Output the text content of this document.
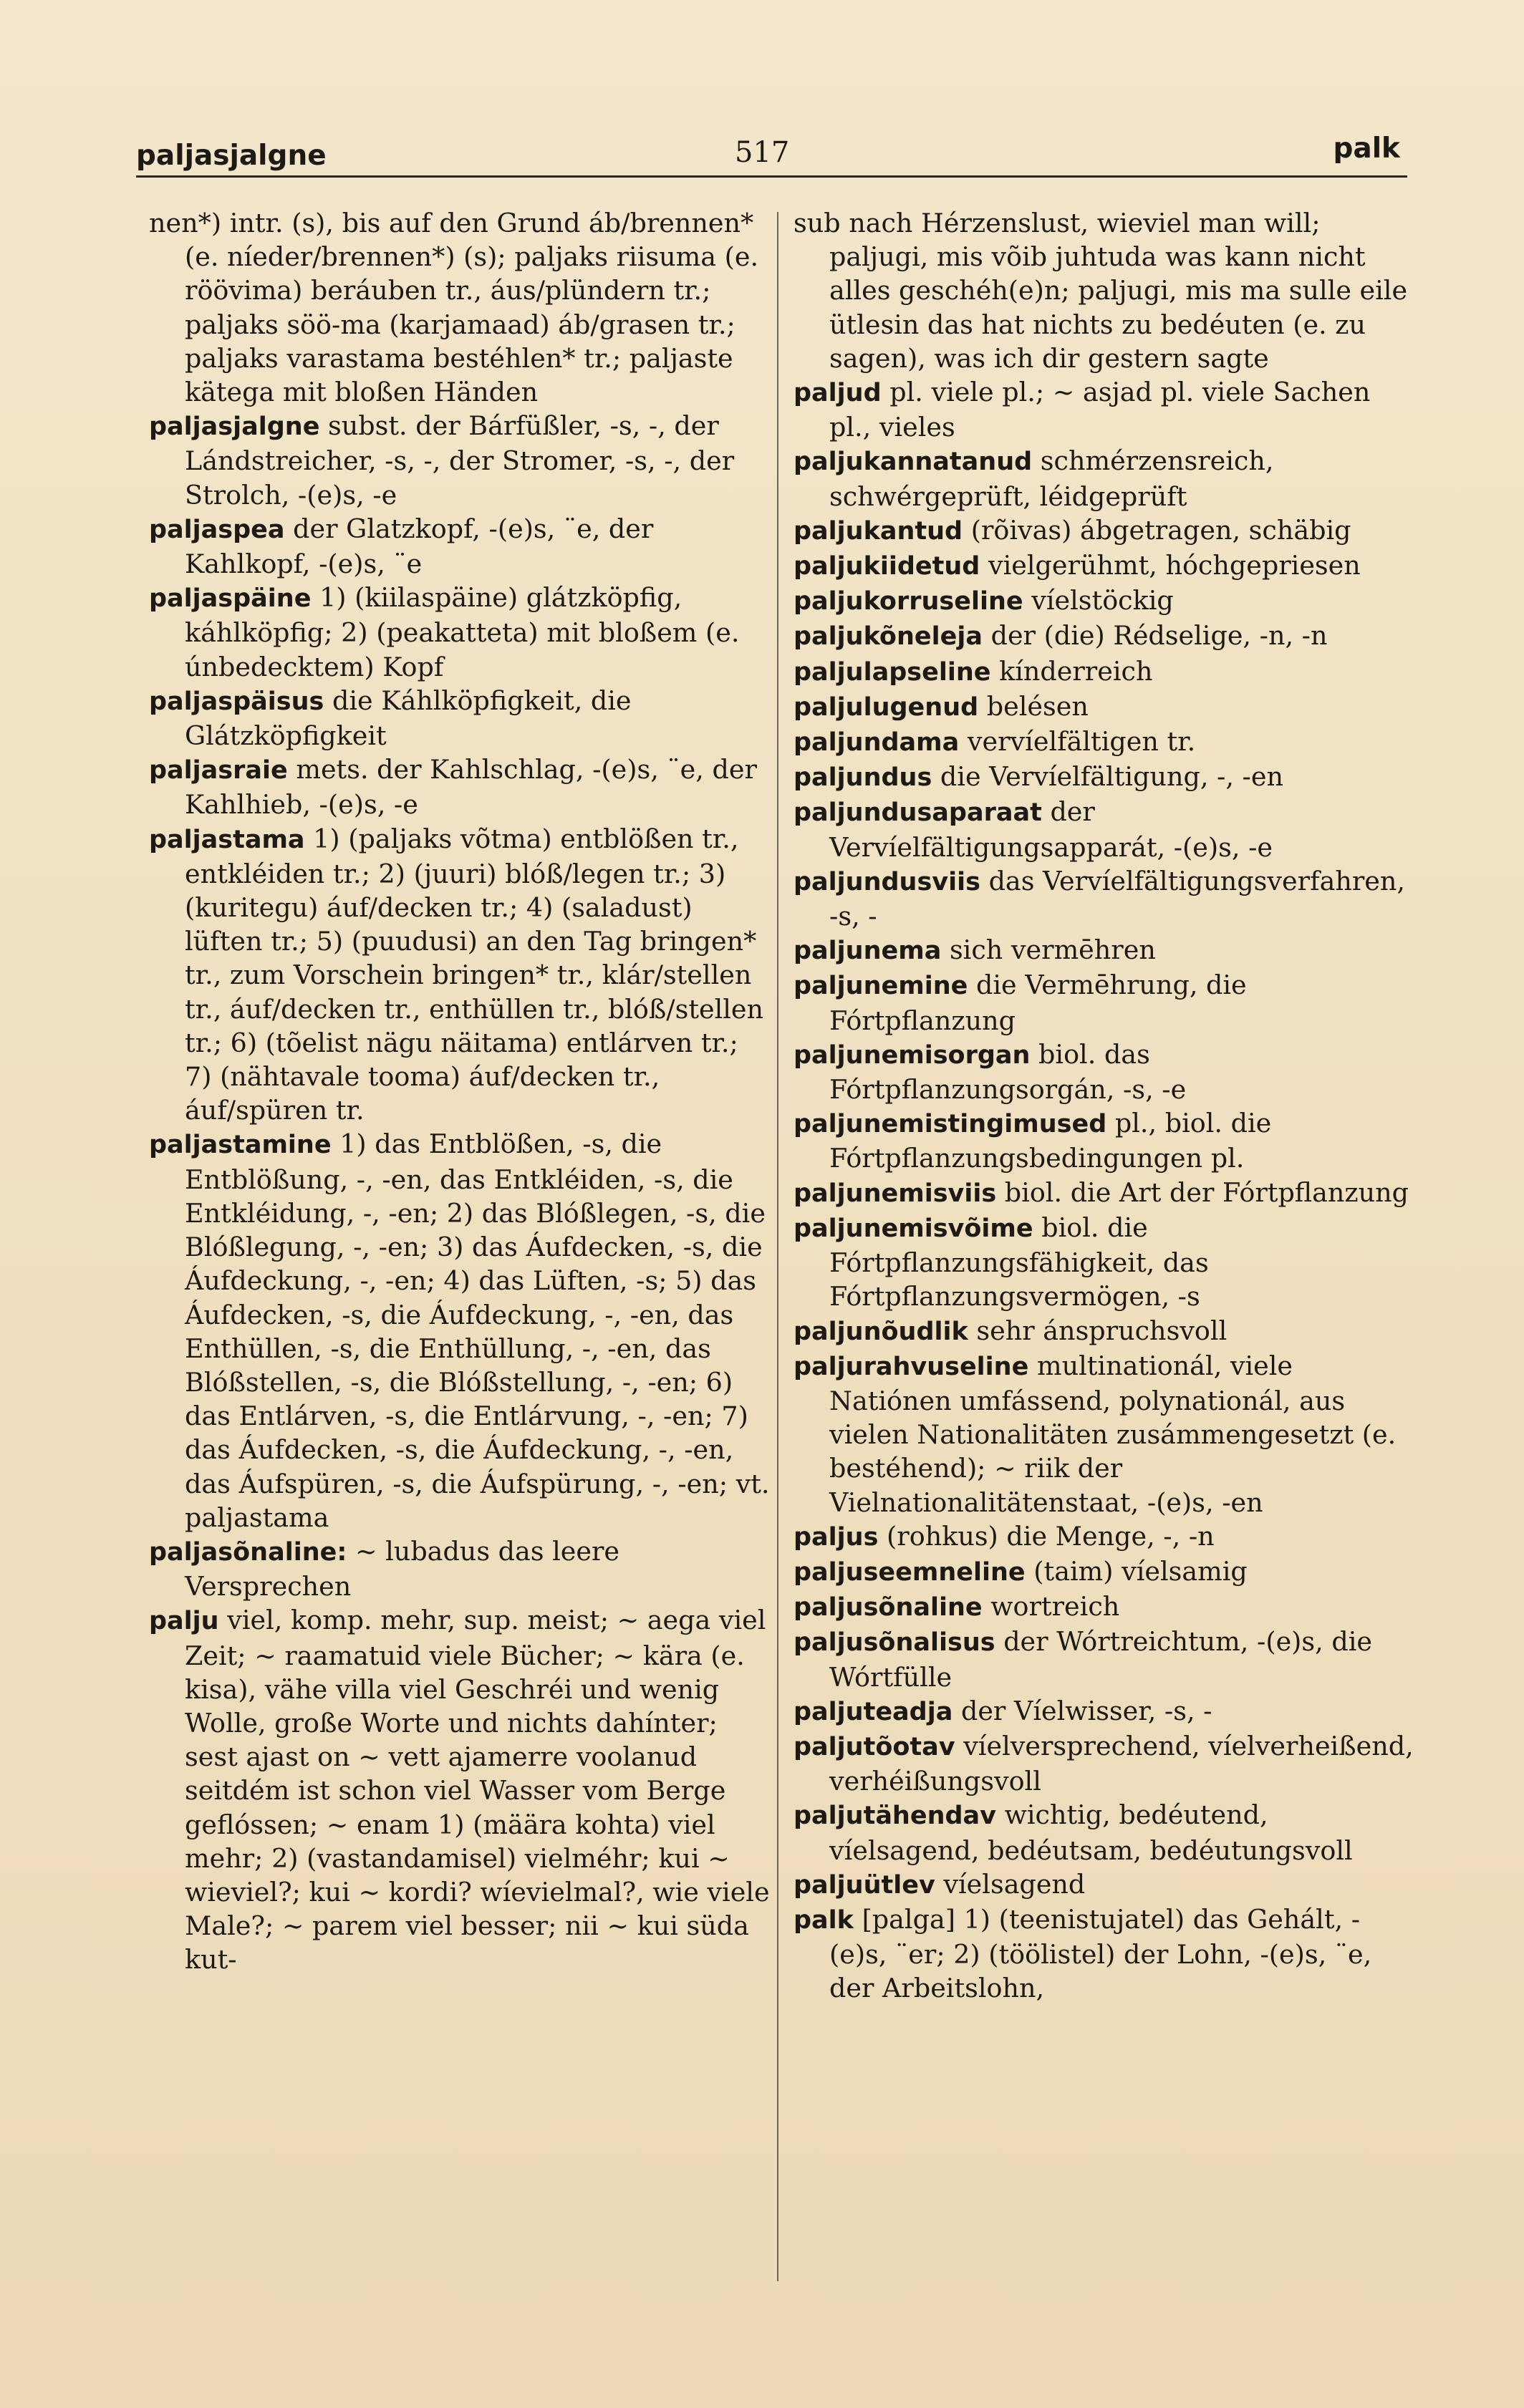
paljasjalgne	517	palk

nen*) intr. (s), bis auf den Grund áb/brennen* (e. níeder/brennen*) (s); paljaks riisuma (e. röövima) beráuben tr., áus/plündern tr.; paljaks söö-ma (karjamaad) áb/grasen tr.; paljaks varastama bestéhlen* tr.; paljaste kätega mit bloßen Händen

paljasjalgne subst. der Bárfüßler, -s, -, der Lándstreicher, -s, -, der Stromer, -s, -, der Strolch, -(e)s, -e

paljaspea der Glatzkopf, -(e)s, ¨e, der Kahlkopf, -(e)s, ¨e

paljaspäine 1) (kiilaspäine) glátzköpfig, káhlköpfig; 2) (peakatteta) mit bloßem (e. únbedecktem) Kopf

paljaspäisus die Káhlköpfigkeit, die Glátzköpfigkeit

paljasraie mets. der Kahlschlag, -(e)s, ¨e, der Kahlhieb, -(e)s, -e

paljastama 1) (paljaks võtma) entblößen tr., entkléiden tr.; 2) (juuri) blóß/legen tr.; 3) (kuritegu) áuf/decken tr.; 4) (saladust) lüften tr.; 5) (puudusi) an den Tag bringen* tr., zum Vorschein bringen* tr., klár/stellen tr., áuf/decken tr., enthüllen tr., blóß/stellen tr.; 6) (tõelist nägu näitama) entlárven tr.; 7) (nähtavale tooma) áuf/decken tr., áuf/spüren tr.

paljastamine 1) das Entblößen, -s, die Entblößung, -, -en, das Entkléiden, -s, die Entkléidung, -, -en; 2) das Blóßlegen, -s, die Blóßlegung, -, -en; 3) das Áufdecken, -s, die Áufdeckung, -, -en; 4) das Lüften, -s; 5) das Áufdecken, -s, die Áufdeckung, -, -en, das Enthüllen, -s, die Enthüllung, -, -en, das Blóßstellen, -s, die Blóßstellung, -, -en; 6) das Entlárven, -s, die Entlárvung, -, -en; 7) das Áufdecken, -s, die Áufdeckung, -, -en, das Áufspüren, -s, die Áufspürung, -, -en; vt. paljastama

paljasõnaline: ~ lubadus das leere Versprechen

palju viel, komp. mehr, sup. meist; ~ aega viel Zeit; ~ raamatuid viele Bücher; ~ kära (e. kisa), vähe villa viel Geschréi und wenig Wolle, große Worte und nichts dahínter; sest ajast on ~ vett ajamerre voolanud seitdém ist schon viel Wasser vom Berge geflóssen; ~ enam 1) (määra kohta) viel mehr; 2) (vastandamisel) vielméhr; kui ~ wieviel?; kui ~ kordi? wíevielmal?, wie viele Male?; ~ parem viel besser; nii ~ kui süda kut-

sub nach Hérzenslust, wieviel man will; paljugi, mis võib juhtuda was kann nicht alles geschéh(e)n; paljugi, mis ma sulle eile ütlesin das hat nichts zu bedéuten (e. zu sagen), was ich dir gestern sagte

paljud pl. viele pl.; ~ asjad pl. viele Sachen pl., vieles

paljukannatanud schmérzensreich, schwérgeprüft, léidgeprüft

paljukantud (rõivas) ábgetragen, schäbig

paljukiidetud vielgerühmt, hóchgepriesen

paljukorruseline víelstöckig

paljukõneleja der (die) Rédselige, -n, -n

paljulapseline kínderreich

paljulugenud belésen

paljundama vervíelfältigen tr.

paljundus die Vervíelfältigung, -, -en

paljundusaparaat der Vervíelfältigungsapparát, -(e)s, -e

paljundusviis das Vervíelfältigungsverfahren, -s, -

paljunema sich vermēhren

paljunemine die Vermēhrung, die Fórtpflanzung

paljunemisorgan biol. das Fórtpflanzungsorgán, -s, -e

paljunemistingimused pl., biol. die Fórtpflanzungsbedingungen pl.

paljunemisviis biol. die Art der Fórtpflanzung

paljunemisvõime biol. die Fórtpflanzungsfähigkeit, das Fórtpflanzungsvermögen, -s

paljunõudlik sehr ánspruchsvoll

paljurahvuseline multinationál, viele Natiónen umfássend, polynationál, aus vielen Nationalitäten zusámmengesetzt (e. bestéhend); ~ riik der Vielnationalitätenstaat, -(e)s, -en

paljus (rohkus) die Menge, -, -n

paljuseemneline (taim) víelsamig

paljusõnaline wortreich

paljusõnalisus der Wórtreichtum, -(e)s, die Wórtfülle

paljuteadja der Víelwisser, -s, -

paljutõotav víelversprechend, víelverheißend, verhéißungsvoll

paljutähendav wichtig, bedéutend, víelsagend, bedéutsam, bedéutungsvoll

paljuütlev víelsagend

palk [palga] 1) (teenistujatel) das Gehált, -(e)s, ¨er; 2) (töölistel) der Lohn, -(e)s, ¨e, der Arbeitslohn,
